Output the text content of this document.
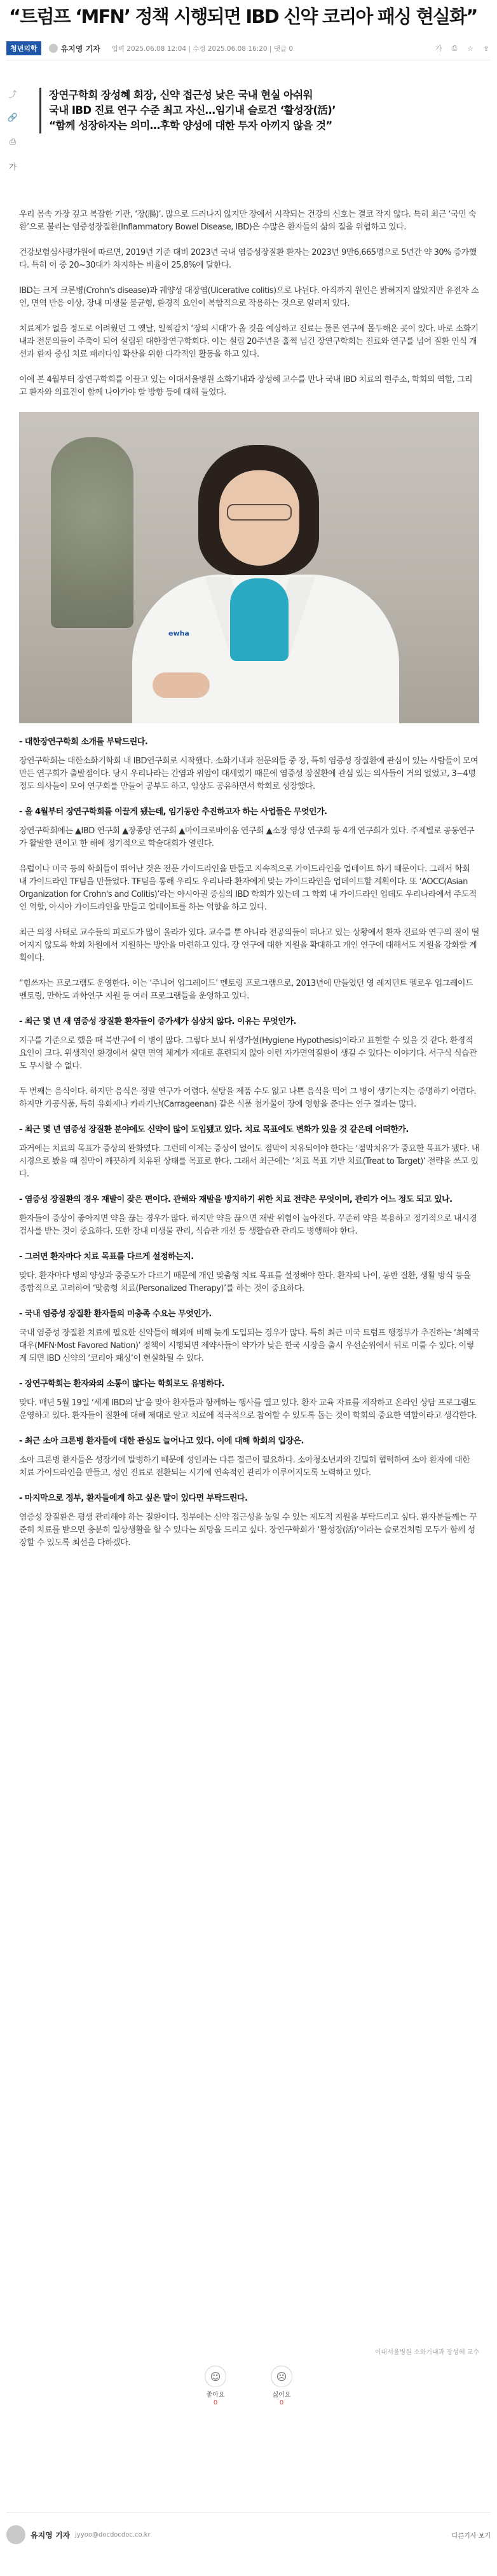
“트럼프 ‘MFN’ 정책 시행되면 IBD 신약 코리아 패싱 현실화”
청년의학	유지영 기자 입력 2025.06.08 12:04 | 수정 2025.06.08 16:20 | 댓글 0	가 ⎙ ☆ ⇪
⤴
🔗
⎙
가

장연구학회 장성혜 회장, 신약 접근성 낮은 국내 현실 아쉬워

국내 IBD 진료 연구 수준 최고 자신…임기내 슬로건 ‘활성장(活)’

“함께 성장하자는 의미…후학 양성에 대한 투자 아끼지 않을 것”

우리 몸속 가장 깊고 복잡한 기관, ‘장(腸)’. 많으로 드러나지 않지만 장에서 시작되는 건강의 신호는 결코 작지 않다. 특히 최근 ‘국민 숙환’으로 불리는 염증성장질환(Inflammatory Bowel Disease, IBD)은 수많은 환자들의 삶의 질을 위협하고 있다.

건강보험심사평가원에 따르면, 2019년 기준 대비 2023년 국내 염증성장질환 환자는 2023년 9만6,665명으로 5년간 약 30% 증가했다. 특히 이 중 20~30대가 차지하는 비율이 25.8%에 달한다.

IBD는 크게 크론병(Crohn's disease)과 궤양성 대장염(Ulcerative colitis)으로 나뉜다. 아직까지 원인은 밝혀지지 않았지만 유전자 소인, 면역 반응 이상, 장내 미생물 불균형, 환경적 요인이 복합적으로 작용하는 것으로 알려져 있다.

치료제가 없을 정도로 어려웠던 그 옛날, 일찍감치 ‘장의 시대’가 올 것을 예상하고 진료는 물론 연구에 몰두해온 곳이 있다. 바로 소화기내과 전문의들이 주축이 되어 설립된 대한장연구학회다. 이는 설립 20주년을 훌쩍 넘긴 장연구학회는 진료와 연구를 넘어 질환 인식 개선과 환자 중심 치료 패러다임 확산을 위한 다각적인 활동을 하고 있다.

이에 본 4월부터 장연구학회를 이끌고 있는 이대서울병원 소화기내과 장성혜 교수를 만나 국내 IBD 치료의 현주소, 학회의 역할, 그리고 환자와 의료진이 함께 나아가야 할 방향 등에 대해 들었다.

ewha

- 대한장연구학회 소개를 부탁드린다.

장연구학회는 대한소화기학회 내 IBD연구회로 시작했다. 소화기내과 전문의들 중 장, 특히 염증성 장질환에 관심이 있는 사람들이 모여 만든 연구회가 출발점이다. 당시 우리나라는 간염과 위암이 대세였기 때문에 염증성 장질환에 관심 있는 의사들이 거의 없었고, 3~4명 정도 의사들이 모여 연구회를 만들어 공부도 하고, 임상도 공유하면서 학회로 성장했다.

- 올 4월부터 장연구학회를 이끌게 됐는데, 임기동안 추진하고자 하는 사업들은 무엇인가.

장연구학회에는 ▲IBD 연구회 ▲장종양 연구회 ▲마이크로바이옴 연구회 ▲소장 영상 연구회 등 4개 연구회가 있다. 주제별로 공동연구가 활발한 편이고 한 해에 정기적으로 학술대회가 열린다.

유럽이나 미국 등의 학회들이 뛰어난 것은 전문 가이드라인을 만들고 지속적으로 가이드라인을 업데이트 하기 때문이다. 그래서 학회 내 가이드라인 TF팀을 만들었다. TF팀을 통해 우리도 우리나라 환자에게 맞는 가이드라인을 업데이트할 계획이다. 또 ‘AOCC(Asian Organization for Crohn's and Colitis)’라는 아시아권 중심의 IBD 학회가 있는데 그 학회 내 가이드라인 업데도 우리나라에서 주도적인 역할, 아시아 가이드라인을 만들고 업데이트를 하는 역할을 하고 있다.

최근 의정 사태로 교수들의 피로도가 많이 올라가 있다. 교수를 뿐 아니라 전공의들이 떠나고 있는 상황에서 환자 진료와 연구의 질이 떨어지지 않도록 학회 차원에서 지원하는 방안을 마련하고 있다. 장 연구에 대한 지원을 확대하고 개인 연구에 대해서도 지원을 강화할 계획이다.

“힘쓰자는 프로그램도 운영한다. 이는 ‘주니어 업그레이드’ 멘토링 프로그램으로, 2013년에 만들었던 영 레지던트 펠로우 업그레이드 멘토링, 만학도 과학연구 지원 등 여러 프로그램들을 운영하고 있다.

- 최근 몇 년 새 염증성 장질환 환자들이 증가세가 심상치 않다. 이유는 무엇인가.

지구를 기준으로 했을 때 북반구에 이 병이 많다. 그렇다 보니 위생가설(Hygiene Hypothesis)이라고 표현할 수 있을 것 같다. 환경적 요인이 크다. 위생적인 환경에서 살면 면역 체계가 제대로 훈련되지 않아 이런 자가면역질환이 생길 수 있다는 이야기다. 서구식 식습관도 무시할 수 없다.

두 번째는 음식이다. 하지만 음식은 정말 연구가 어렵다. 설탕을 제품 수도 없고 나쁜 음식을 먹어 그 병이 생기는지는 증명하기 어렵다. 하지만 가공식품, 특히 유화제나 카라기난(Carrageenan) 같은 식품 첨가물이 장에 영향을 준다는 연구 결과는 많다.

- 최근 몇 년 염증성 장질환 분야에도 신약이 많이 도입됐고 있다. 치료 목표에도 변화가 있을 것 같은데 어떠한가.

과거에는 치료의 목표가 증상의 완화였다. 그런데 이제는 증상이 없어도 점막이 치유되어야 한다는 ‘점막치유’가 중요한 목표가 됐다. 내시경으로 봤을 때 점막이 깨끗하게 치유된 상태를 목표로 한다. 그래서 최근에는 ‘치료 목표 기반 치료(Treat to Target)’ 전략을 쓰고 있다.

- 염증성 장질환의 경우 재발이 잦은 편이다. 관해와 재발을 방지하기 위한 치료 전략은 무엇이며, 관리가 어느 정도 되고 있나.

환자들이 증상이 좋아지면 약을 끊는 경우가 많다. 하지만 약을 끊으면 재발 위험이 높아진다. 꾸준히 약을 복용하고 정기적으로 내시경 검사를 받는 것이 중요하다. 또한 장내 미생물 관리, 식습관 개선 등 생활습관 관리도 병행해야 한다.

- 그러면 환자마다 치료 목표를 다르게 설정하는지.

맞다. 환자마다 병의 양상과 중증도가 다르기 때문에 개인 맞춤형 치료 목표를 설정해야 한다. 환자의 나이, 동반 질환, 생활 방식 등을 종합적으로 고려하여 ‘맞춤형 치료(Personalized Therapy)’를 하는 것이 중요하다.

- 국내 염증성 장질환 환자들의 미충족 수요는 무엇인가.

국내 염증성 장질환 치료에 필요한 신약들이 해외에 비해 늦게 도입되는 경우가 많다. 특히 최근 미국 트럼프 행정부가 추진하는 ‘최혜국 대우(MFN·Most Favored Nation)’ 정책이 시행되면 제약사들이 약가가 낮은 한국 시장을 출시 우선순위에서 뒤로 미룰 수 있다. 이렇게 되면 IBD 신약의 ‘코리아 패싱’이 현실화될 수 있다.

- 장연구학회는 환자와의 소통이 많다는 학회로도 유명하다.

맞다. 매년 5월 19일 ‘세계 IBD의 날’을 맞아 환자들과 함께하는 행사를 열고 있다. 환자 교육 자료를 제작하고 온라인 상담 프로그램도 운영하고 있다. 환자들이 질환에 대해 제대로 알고 치료에 적극적으로 참여할 수 있도록 돕는 것이 학회의 중요한 역할이라고 생각한다.

- 최근 소아 크론병 환자들에 대한 관심도 늘어나고 있다. 이에 대해 학회의 입장은.

소아 크론병 환자들은 성장기에 발병하기 때문에 성인과는 다른 접근이 필요하다. 소아청소년과와 긴밀히 협력하여 소아 환자에 대한 치료 가이드라인을 만들고, 성인 진료로 전환되는 시기에 연속적인 관리가 이루어지도록 노력하고 있다.

- 마지막으로 정부, 환자들에게 하고 싶은 말이 있다면 부탁드린다.

염증성 장질환은 평생 관리해야 하는 질환이다. 정부에는 신약 접근성을 높일 수 있는 제도적 지원을 부탁드리고 싶다. 환자분들께는 꾸준히 치료를 받으면 충분히 일상생활을 할 수 있다는 희망을 드리고 싶다. 장연구학회가 ‘활성장(活)’이라는 슬로건처럼 모두가 함께 성장할 수 있도록 최선을 다하겠다.

이대서울병원 소화기내과 장성혜 교수
☺
좋아요
0
☹
싫어요
0
유지영 기자 jyyoo@docdocdoc.co.kr	다른기사 보기
